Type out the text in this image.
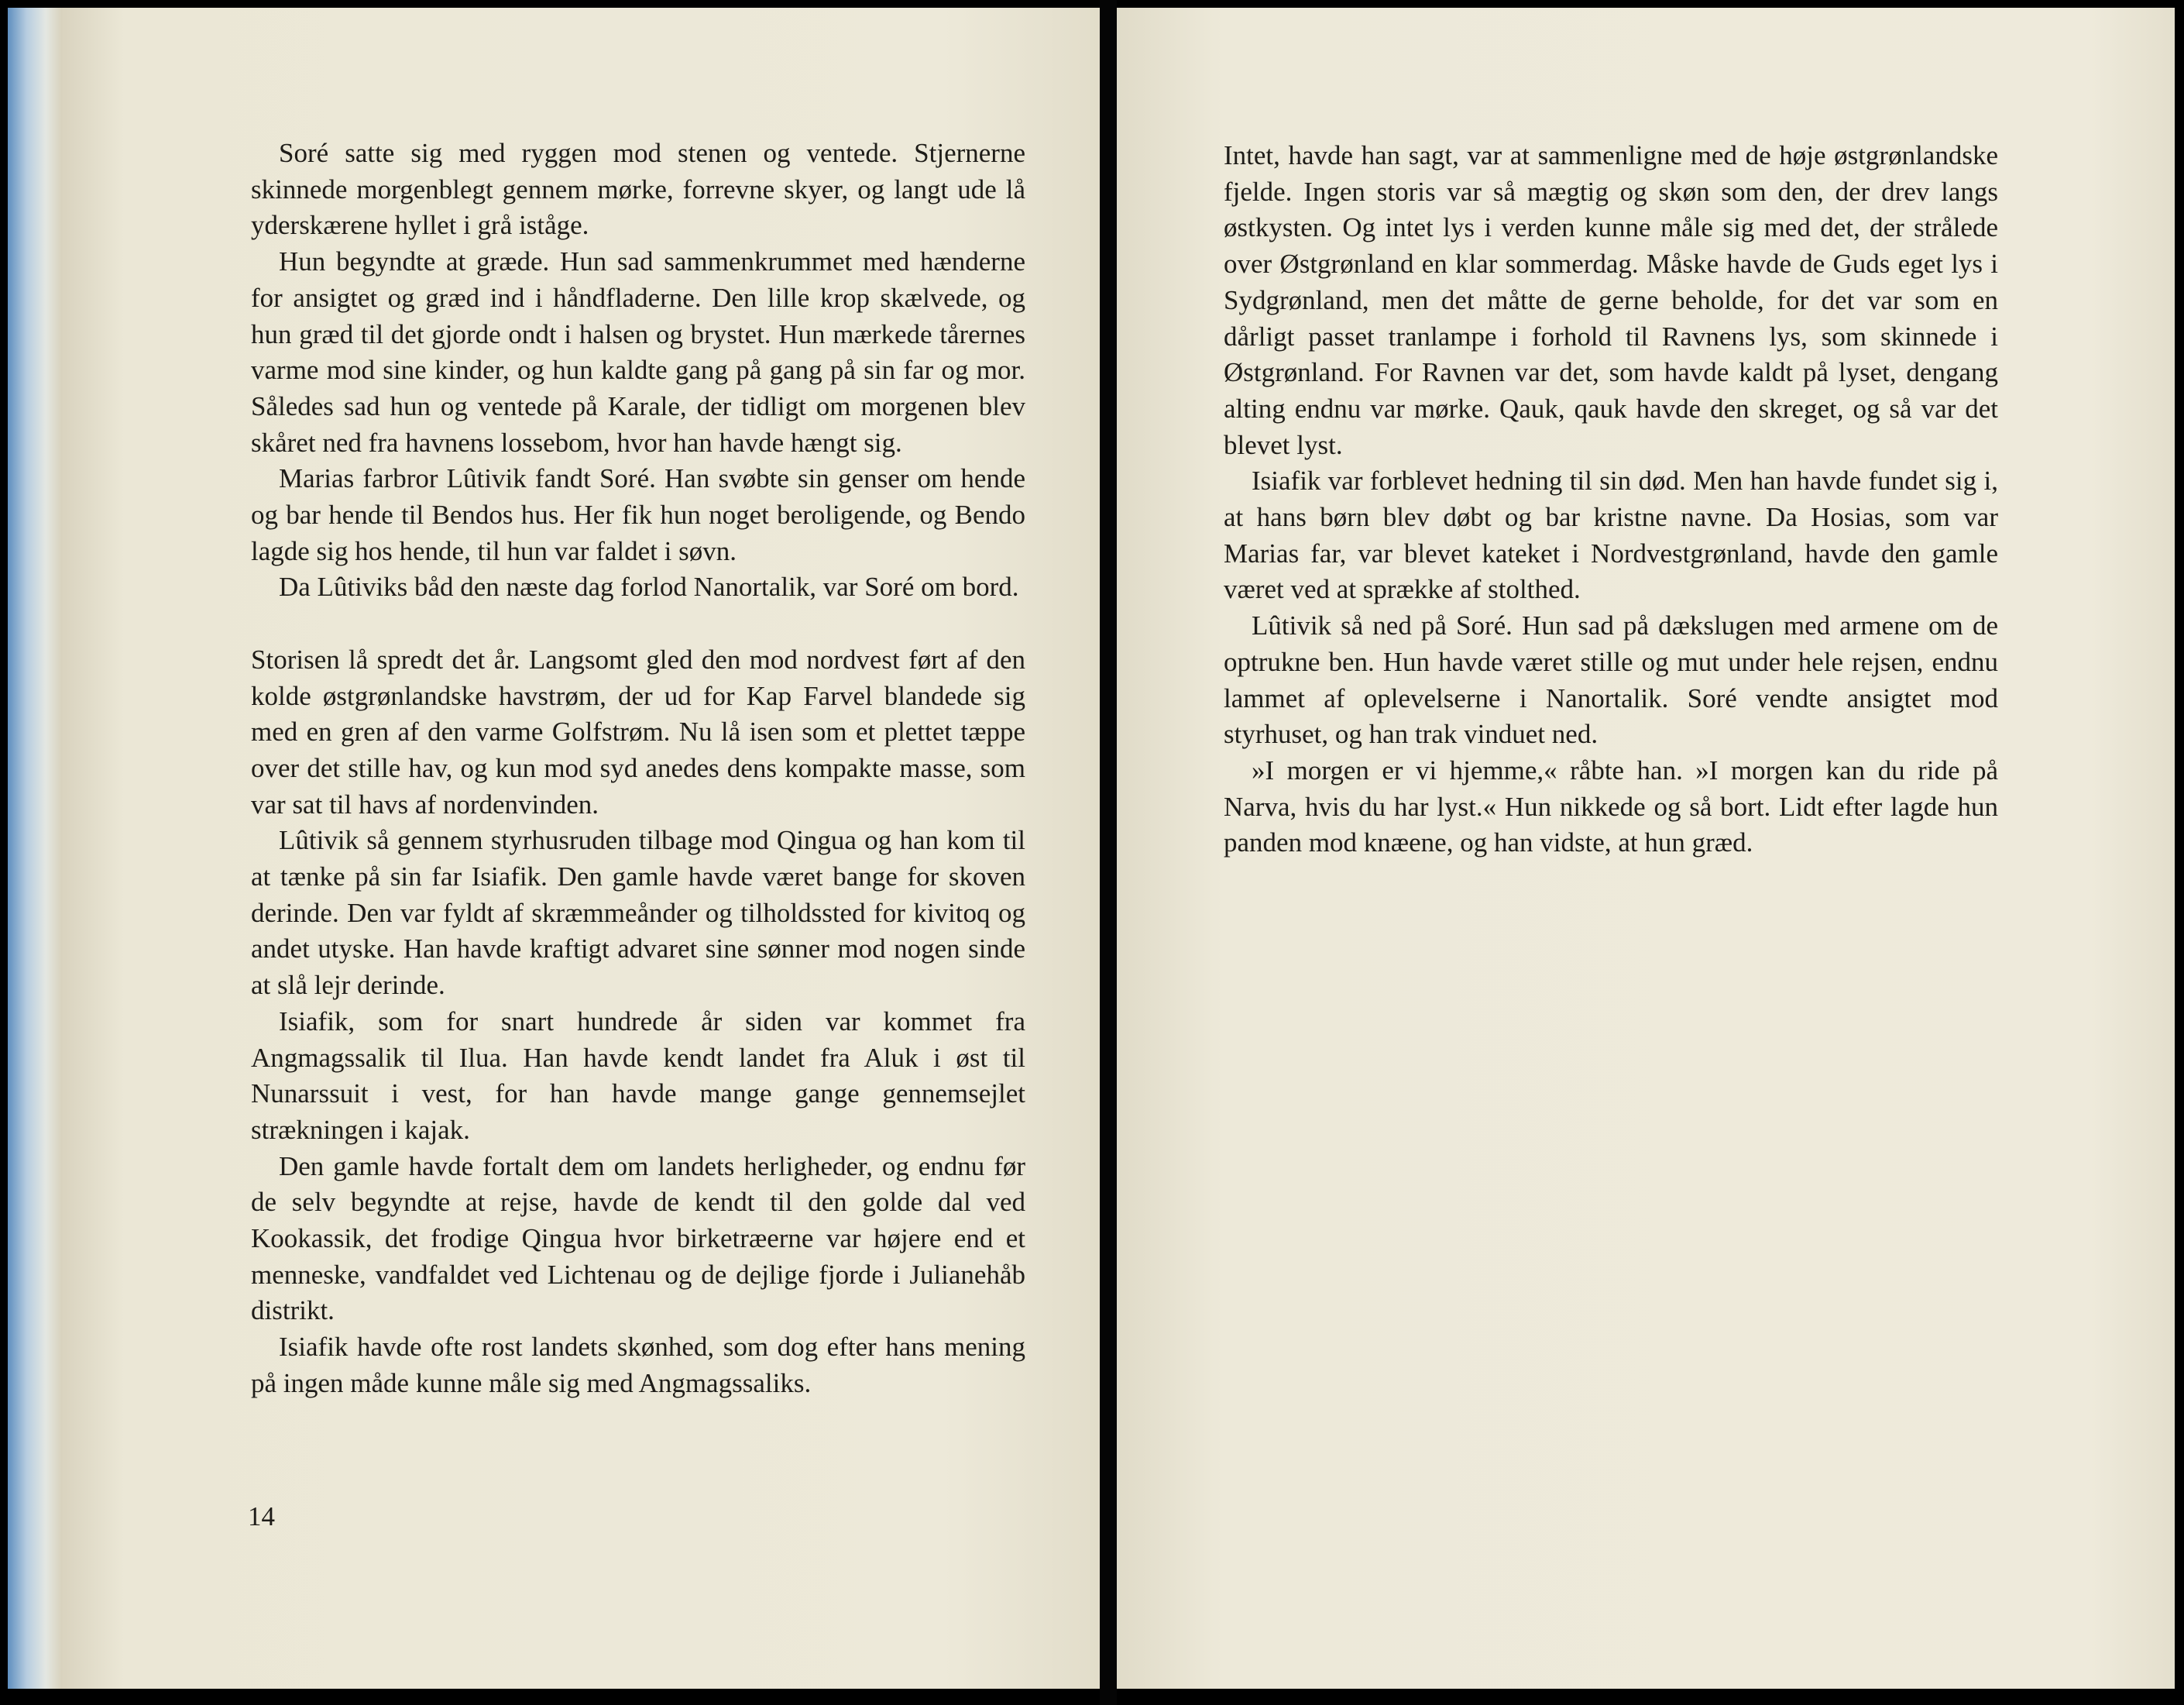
Soré satte sig med ryggen mod stenen og ventede. Stjernerne skinnede morgenblegt gennem mørke, forrevne skyer, og langt ude lå yderskærene hyllet i grå iståge.

Hun begyndte at græde. Hun sad sammenkrummet med hænderne for ansigtet og græd ind i håndfladerne. Den lille krop skælvede, og hun græd til det gjorde ondt i halsen og brystet. Hun mærkede tårernes varme mod sine kinder, og hun kaldte gang på gang på sin far og mor. Således sad hun og ventede på Karale, der tidligt om morgenen blev skåret ned fra havnens lossebom, hvor han havde hængt sig.

Marias farbror Lûtivik fandt Soré. Han svøbte sin genser om hende og bar hende til Bendos hus. Her fik hun noget beroligende, og Bendo lagde sig hos hende, til hun var faldet i søvn.

Da Lûtiviks båd den næste dag forlod Nanortalik, var Soré om bord.

Storisen lå spredt det år. Langsomt gled den mod nordvest ført af den kolde østgrønlandske havstrøm, der ud for Kap Farvel blandede sig med en gren af den varme Golfstrøm. Nu lå isen som et plettet tæppe over det stille hav, og kun mod syd anedes dens kompakte masse, som var sat til havs af nordenvinden.

Lûtivik så gennem styrhusruden tilbage mod Qingua og han kom til at tænke på sin far Isiafik. Den gamle havde været bange for skoven derinde. Den var fyldt af skræmmeånder og tilholdssted for kivitoq og andet utyske. Han havde kraftigt advaret sine sønner mod nogen sinde at slå lejr derinde.

Isiafik, som for snart hundrede år siden var kommet fra Angmagssalik til Ilua. Han havde kendt landet fra Aluk i øst til Nunarssuit i vest, for han havde mange gange gennemsejlet strækningen i kajak.

Den gamle havde fortalt dem om landets herligheder, og endnu før de selv begyndte at rejse, havde de kendt til den golde dal ved Kookassik, det frodige Qingua hvor birketræerne var højere end et menneske, vandfaldet ved Lichtenau og de dejlige fjorde i Julianehåb distrikt.

Isiafik havde ofte rost landets skønhed, som dog efter hans mening på ingen måde kunne måle sig med Angmagssaliks.

14

Intet, havde han sagt, var at sammenligne med de høje østgrønlandske fjelde. Ingen storis var så mægtig og skøn som den, der drev langs østkysten. Og intet lys i verden kunne måle sig med det, der strålede over Østgrønland en klar sommerdag. Måske havde de Guds eget lys i Sydgrønland, men det måtte de gerne beholde, for det var som en dårligt passet tranlampe i forhold til Ravnens lys, som skinnede i Østgrønland. For Ravnen var det, som havde kaldt på lyset, dengang alting endnu var mørke. Qauk, qauk havde den skreget, og så var det blevet lyst.

Isiafik var forblevet hedning til sin død. Men han havde fundet sig i, at hans børn blev døbt og bar kristne navne. Da Hosias, som var Marias far, var blevet kateket i Nordvestgrønland, havde den gamle været ved at sprække af stolthed.

Lûtivik så ned på Soré. Hun sad på dækslugen med armene om de optrukne ben. Hun havde været stille og mut under hele rejsen, endnu lammet af oplevelserne i Nanortalik. Soré vendte ansigtet mod styrhuset, og han trak vinduet ned.

»I morgen er vi hjemme,« råbte han. »I morgen kan du ride på Narva, hvis du har lyst.« Hun nikkede og så bort. Lidt efter lagde hun panden mod knæene, og han vidste, at hun græd.
